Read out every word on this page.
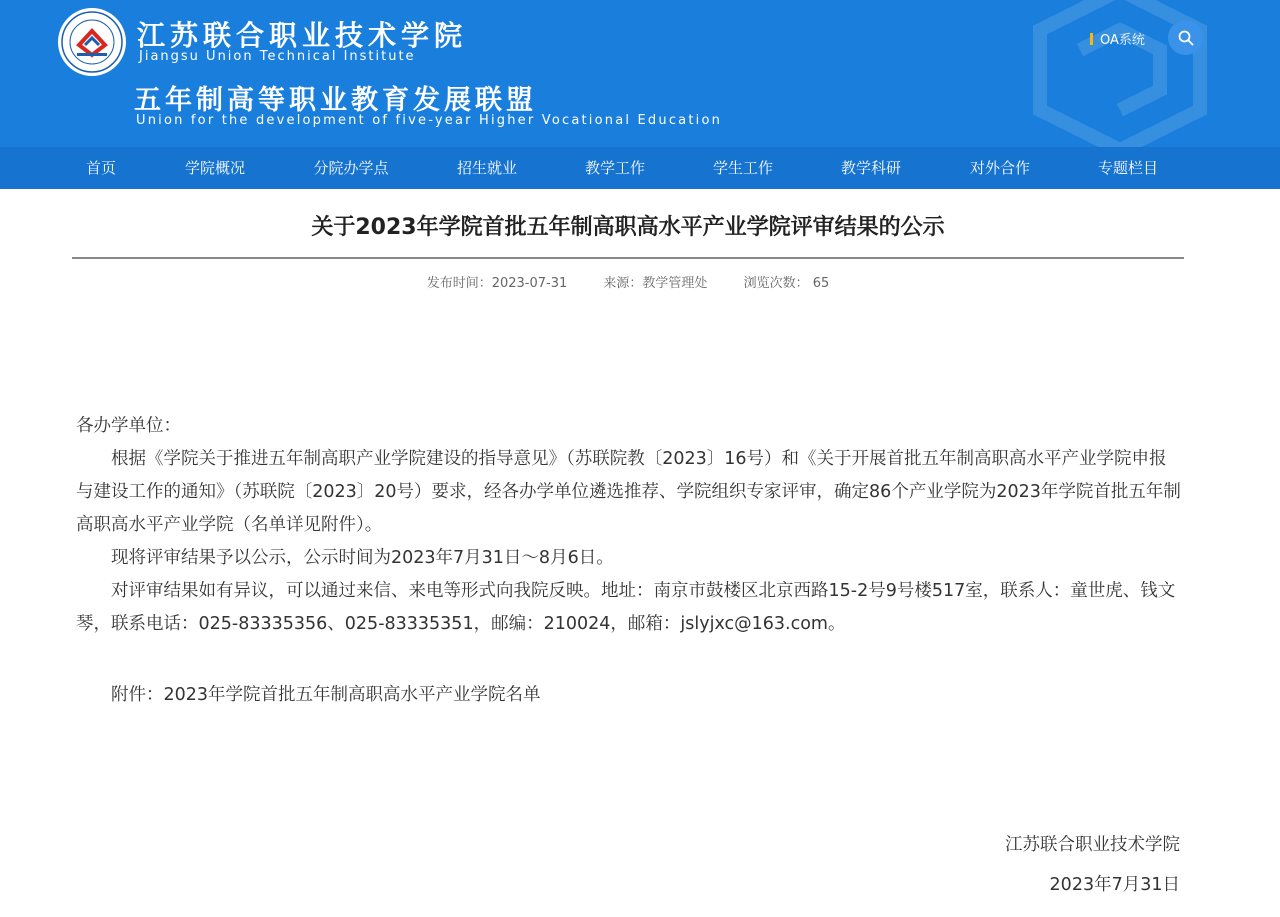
江苏联合职业技术学院
Jiangsu Union Technical Institute
五年制高等职业教育发展联盟
Union for the development of five-year Higher Vocational Education
OA系统
首页	学院概况	分院办学点	招生就业	教学工作	学生工作	教学科研	对外合作	专题栏目
关于2023年学院首批五年制高职高水平产业学院评审结果的公示
发布时间：2023-07-31	来源：教学管理处	浏览次数： 65

各办学单位：

根据《学院关于推进五年制高职产业学院建设的指导意见》（苏联院教〔2023〕16号）和《关于开展首批五年制高职高水平产业学院申报与建设工作的通知》（苏联院〔2023〕20号）要求，经各办学单位遴选推荐、学院组织专家评审，确定86个产业学院为2023年学院首批五年制高职高水平产业学院（名单详见附件）。

现将评审结果予以公示，公示时间为2023年7月31日～8月6日。

对评审结果如有异议，可以通过来信、来电等形式向我院反映。地址：南京市鼓楼区北京西路15-2号9号楼517室，联系人：童世虎、钱文琴，联系电话：025-83335356、025-83335351，邮编：210024，邮箱：jslyjxc@163.com。

附件：2023年学院首批五年制高职高水平产业学院名单

江苏联合职业技术学院
2023年7月31日
